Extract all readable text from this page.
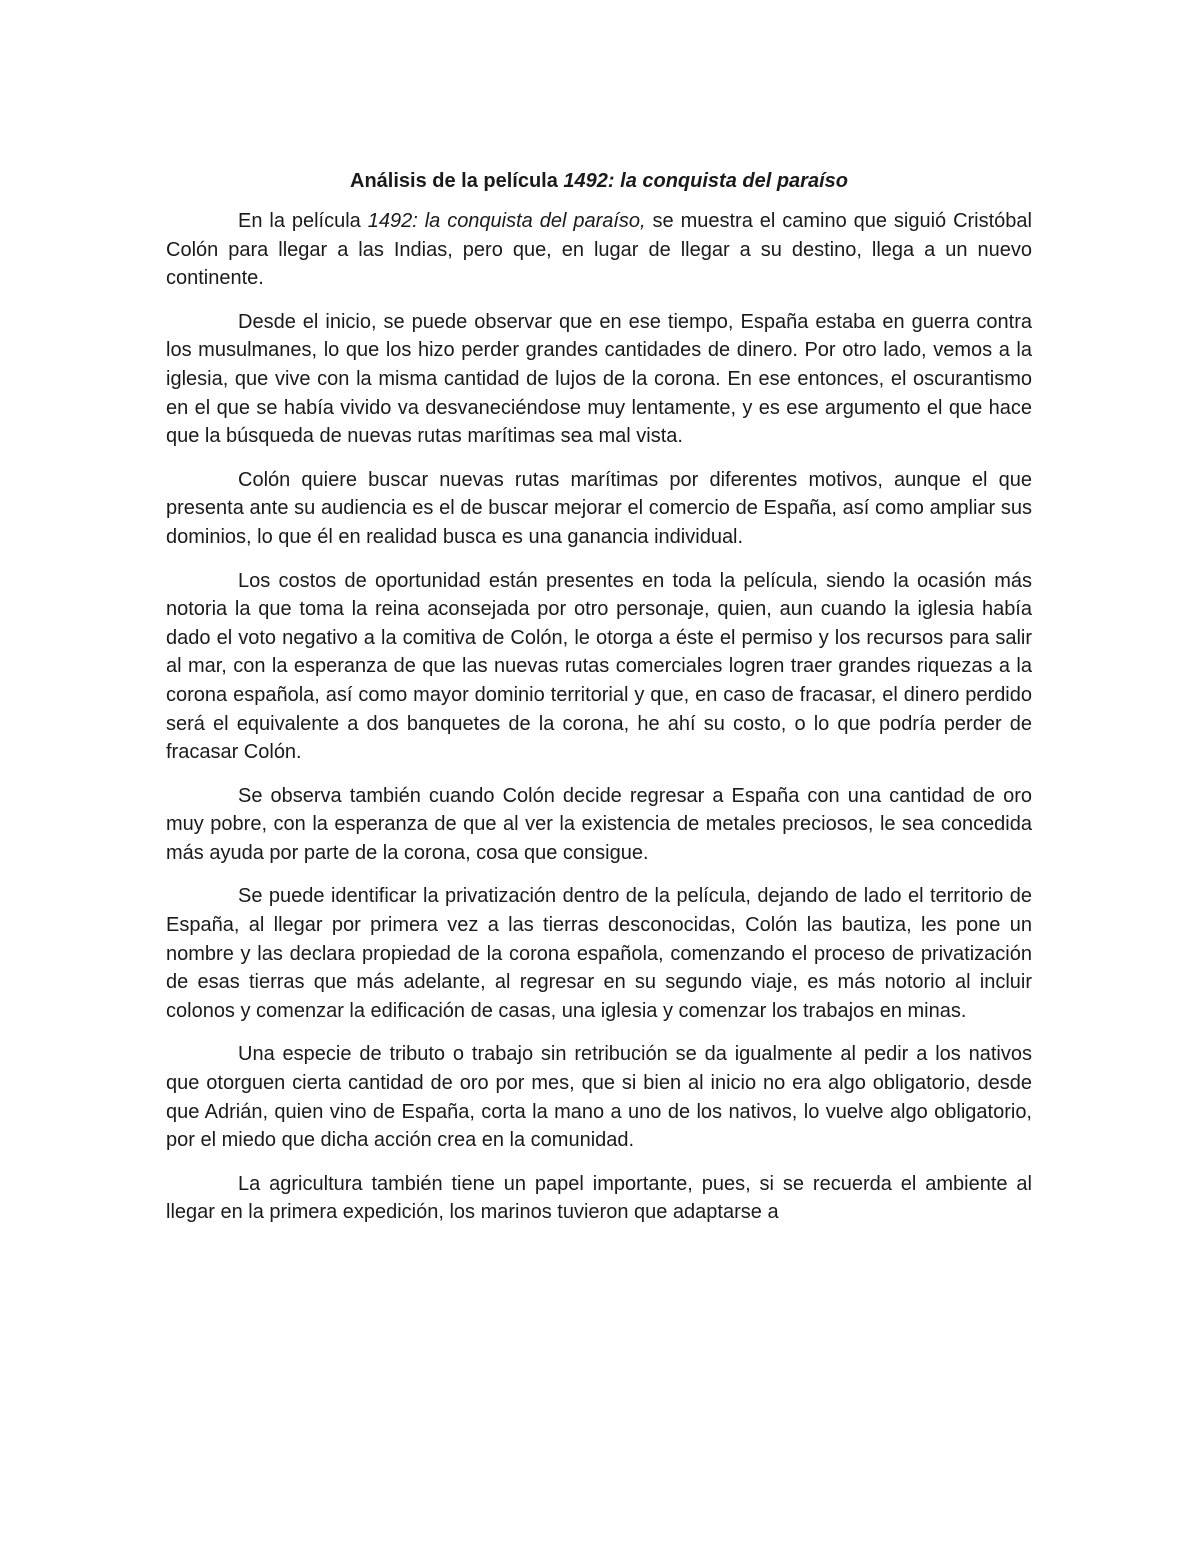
Análisis de la película 1492: la conquista del paraíso

En la película 1492: la conquista del paraíso, se muestra el camino que siguió Cristóbal Colón para llegar a las Indias, pero que, en lugar de llegar a su destino, llega a un nuevo continente.

Desde el inicio, se puede observar que en ese tiempo, España estaba en guerra contra los musulmanes, lo que los hizo perder grandes cantidades de dinero. Por otro lado, vemos a la iglesia, que vive con la misma cantidad de lujos de la corona. En ese entonces, el oscurantismo en el que se había vivido va desvaneciéndose muy lentamente, y es ese argumento el que hace que la búsqueda de nuevas rutas marítimas sea mal vista.

Colón quiere buscar nuevas rutas marítimas por diferentes motivos, aunque el que presenta ante su audiencia es el de buscar mejorar el comercio de España, así como ampliar sus dominios, lo que él en realidad busca es una ganancia individual.

Los costos de oportunidad están presentes en toda la película, siendo la ocasión más notoria la que toma la reina aconsejada por otro personaje, quien, aun cuando la iglesia había dado el voto negativo a la comitiva de Colón, le otorga a éste el permiso y los recursos para salir al mar, con la esperanza de que las nuevas rutas comerciales logren traer grandes riquezas a la corona española, así como mayor dominio territorial y que, en caso de fracasar, el dinero perdido será el equivalente a dos banquetes de la corona, he ahí su costo, o lo que podría perder de fracasar Colón.

Se observa también cuando Colón decide regresar a España con una cantidad de oro muy pobre, con la esperanza de que al ver la existencia de metales preciosos, le sea concedida más ayuda por parte de la corona, cosa que consigue.

Se puede identificar la privatización dentro de la película, dejando de lado el territorio de España, al llegar por primera vez a las tierras desconocidas, Colón las bautiza, les pone un nombre y las declara propiedad de la corona española, comenzando el proceso de privatización de esas tierras que más adelante, al regresar en su segundo viaje, es más notorio al incluir colonos y comenzar la edificación de casas, una iglesia y comenzar los trabajos en minas.

Una especie de tributo o trabajo sin retribución se da igualmente al pedir a los nativos que otorguen cierta cantidad de oro por mes, que si bien al inicio no era algo obligatorio, desde que Adrián, quien vino de España, corta la mano a uno de los nativos, lo vuelve algo obligatorio, por el miedo que dicha acción crea en la comunidad.

La agricultura también tiene un papel importante, pues, si se recuerda el ambiente al llegar en la primera expedición, los marinos tuvieron que adaptarse a
